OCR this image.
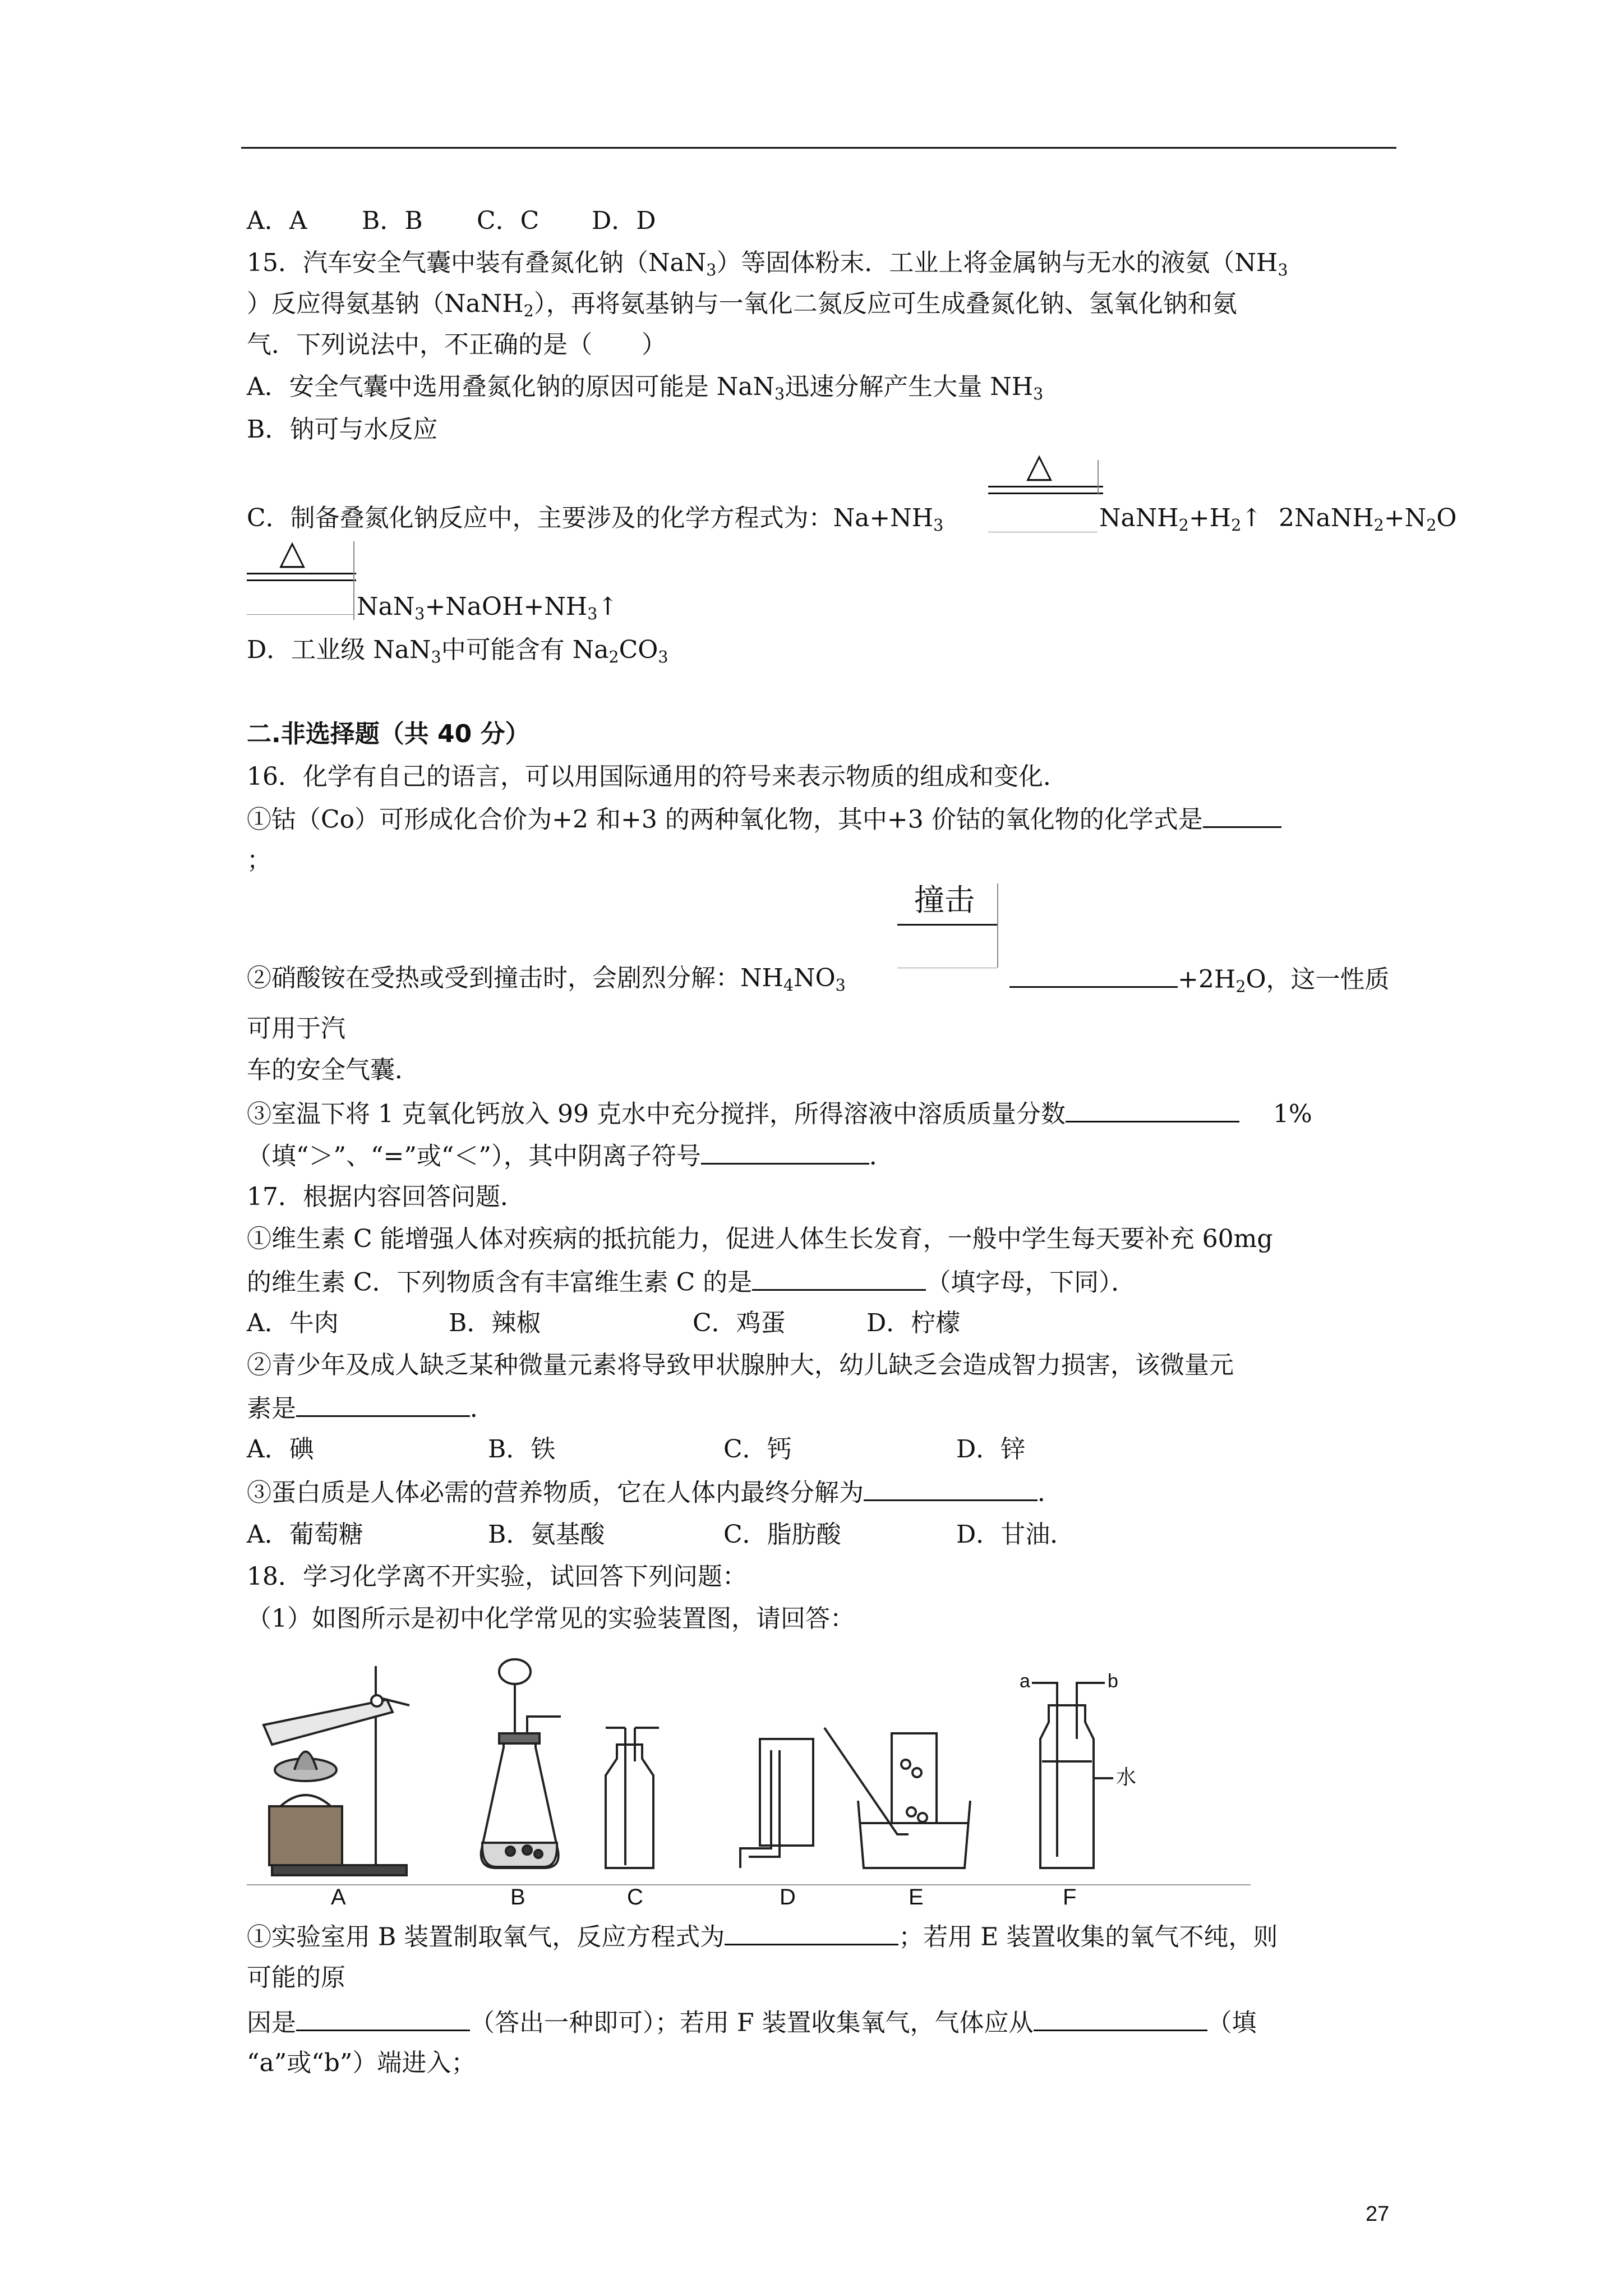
A．A B．B C．C D．D
15．汽车安全气囊中装有叠氮化钠（NaN$_3$）等固体粉末．工业上将金属钠与无水的液氨（$NH_3$
）反应得氨基钠（NaNH$_2$），再将氨基钠与一氧化二氮反应可生成叠氮化钠、氢氧化钠和氨
气．下列说法中，不正确的是（　　）
A．安全气囊中选用叠氮化钠的原因可能是 NaN$_3$迅速分解产生大量 $NH_3$
B．钠可与水反应
△
C．制备叠氮化钠反应中，主要涉及的化学方程式为：$Na+NH_3$	$NaNH_2+H_2↑$ $2NaNH_2+N_2O$
△
$NaN_3+NaOH+NH_3↑$
D．工业级 NaN$_3$中可能含有 $Na_2CO_3$
二.非选择题（共 40 分）
16．化学有自己的语言，可以用国际通用的符号来表示物质的组成和变化．
①钴（Co）可形成化合价为+2 和+3 的两种氧化物，其中+3 价钴的氧化物的化学式是
；
撞击
②硝酸铵在受热或受到撞击时，会剧烈分解：$NH_4NO_3$	$+2H_2O$，这一性质
可用于汽
车的安全气囊．
③室温下将 1 克氧化钙放入 99 克水中充分搅拌，所得溶液中溶质质量分数	1%
（填“＞”、“=”或“＜”），其中阴离子符号	．
17．根据内容回答问题．
①维生素 C 能增强人体对疾病的抵抗能力，促进人体生长发育，一般中学生每天要补充 60mg
的维生素 C．下列物质含有丰富维生素 C 的是	（填字母，下同）．
A．牛肉	B．辣椒	C．鸡蛋	D．柠檬
②青少年及成人缺乏某种微量元素将导致甲状腺肿大，幼儿缺乏会造成智力损害，该微量元
素是	．
A．碘	B．铁	C．钙	D．锌
③蛋白质是人体必需的营养物质，它在人体内最终分解为	．
A．葡萄糖	B．氨基酸	C．脂肪酸	D．甘油．
18．学习化学离不开实验，试回答下列问题：
（1）如图所示是初中化学常见的实验装置图，请回答：
A	B	C	D	E	F
a	b
水
①实验室用 B 装置制取氧气，反应方程式为	；若用 E 装置收集的氧气不纯，则
可能的原
因是	（答出一种即可）；若用 F 装置收集氧气，气体应从	（填
“a”或“b”）端进入；
27
